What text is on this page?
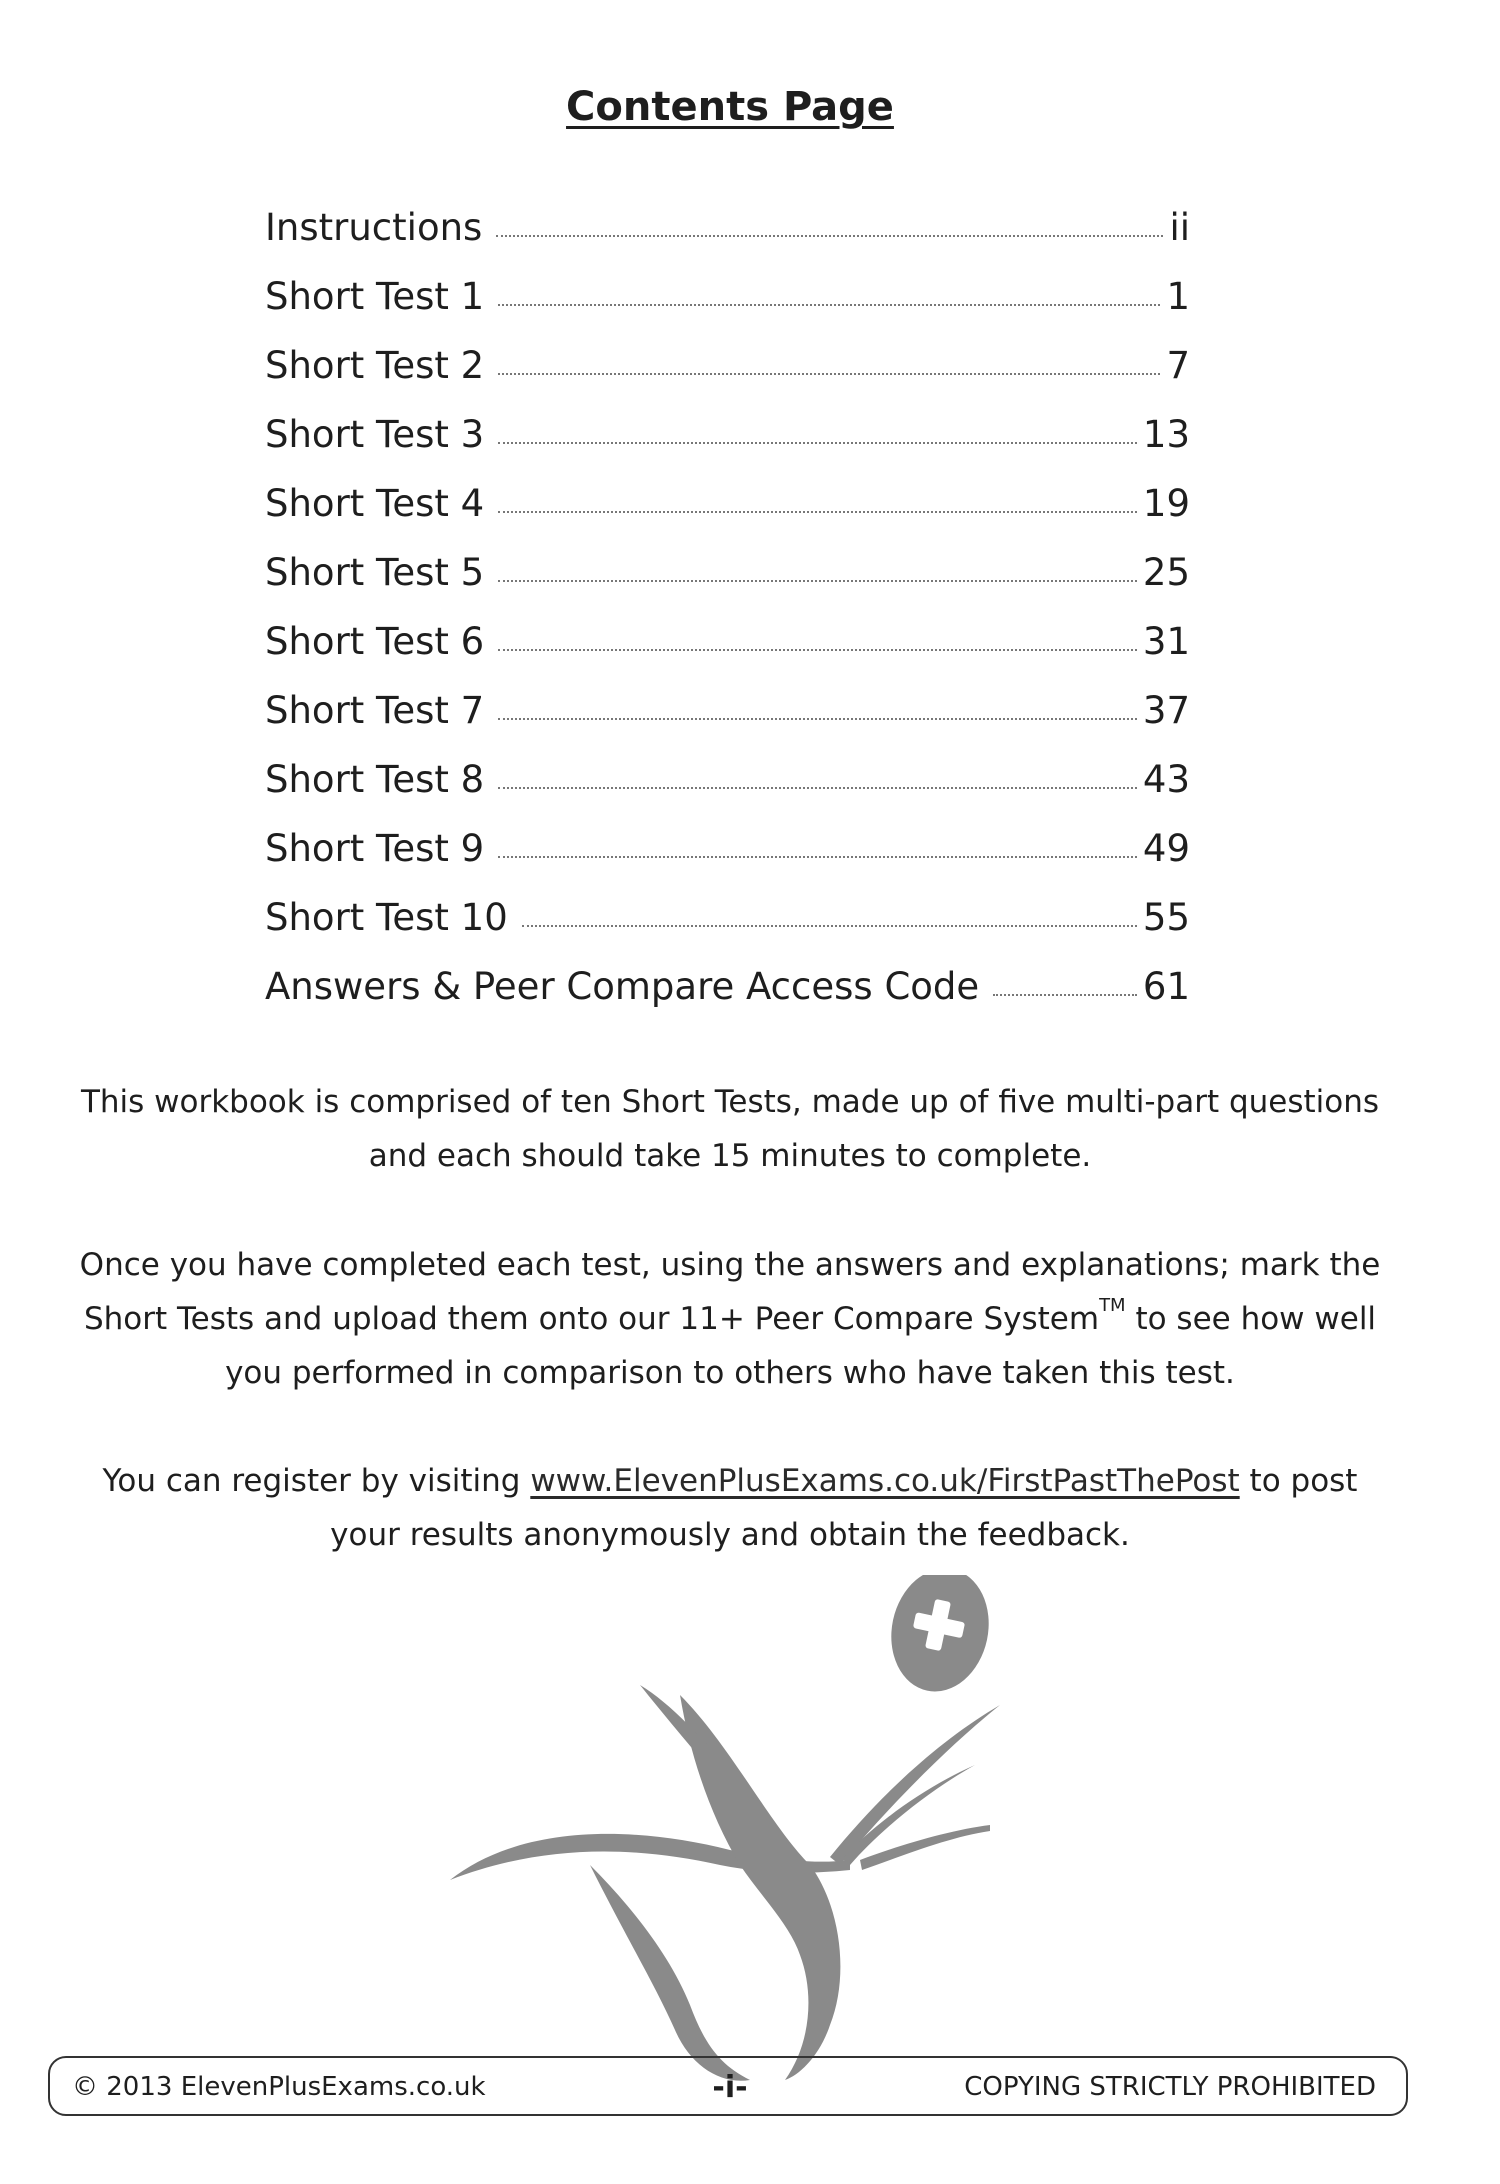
Contents Page
Instructions	ii
Short Test 1	1
Short Test 2	7
Short Test 3	13
Short Test 4	19
Short Test 5	25
Short Test 6	31
Short Test 7	37
Short Test 8	43
Short Test 9	49
Short Test 10	55
Answers & Peer Compare Access Code	61
This workbook is comprised of ten Short Tests, made up of five multi-part questions
and each should take 15 minutes to complete.
Once you have completed each test, using the answers and explanations; mark the
Short Tests and upload them onto our 11+ Peer Compare System™ to see how well
you performed in comparison to others who have taken this test.
You can register by visiting www.ElevenPlusExams.co.uk/FirstPastThePost to post
your results anonymously and obtain the feedback.
© 2013 ElevenPlusExams.co.uk	-i-	COPYING STRICTLY PROHIBITED
